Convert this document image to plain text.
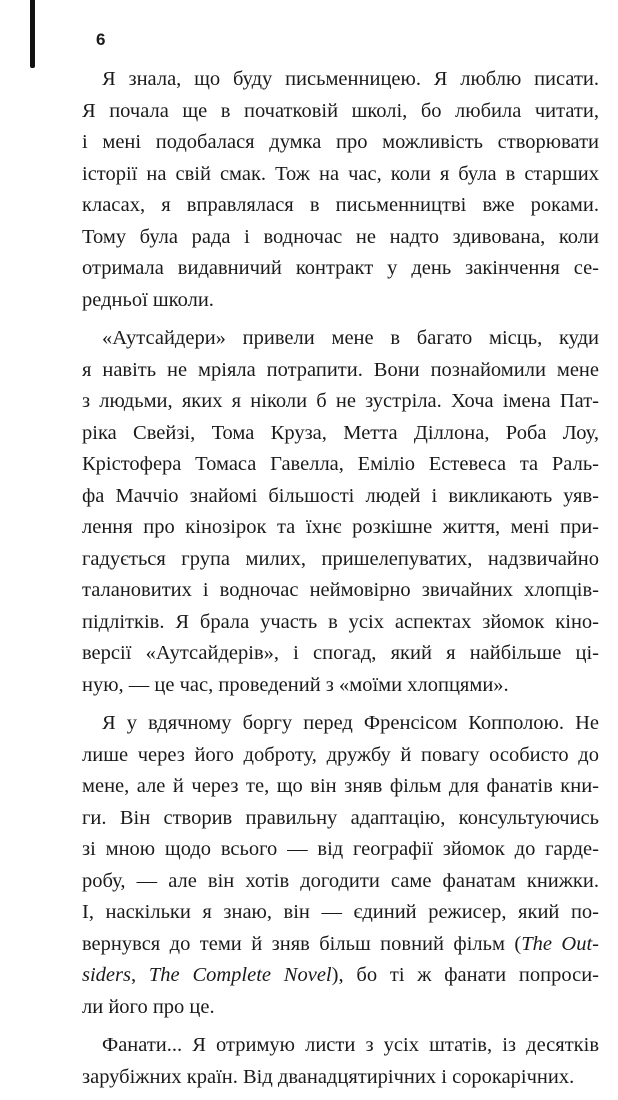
6

Я знала, що буду письменницею. Я люблю писати.
Я почала ще в початковій школі, бо любила читати,
і мені подобалася думка про можливість створювати
історії на свій смак. Тож на час, коли я була в старших
класах, я вправлялася в письменництві вже роками.
Тому була рада і водночас не надто здивована, коли
отримала видавничий контракт у день закінчення се-
редньої школи.

«Аутсайдери» привели мене в багато місць, куди
я навіть не мріяла потрапити. Вони познайомили мене
з людьми, яких я ніколи б не зустріла. Хоча імена Пат-
ріка Свейзі, Тома Круза, Метта Діллона, Роба Лоу,
Крістофера Томаса Гавелла, Еміліо Естевеса та Раль-
фа Маччіо знайомі більшості людей і викликають уяв-
лення про кінозірок та їхнє розкішне життя, мені при-
гадується група милих, пришелепуватих, надзвичайно
талановитих і водночас неймовірно звичайних хлопців-
підлітків. Я брала участь в усіх аспектах зйомок кіно-
версії «Аутсайдерів», і спогад, який я найбільше ці-
ную, — це час, проведений з «моїми хлопцями».

Я у вдячному боргу перед Френсісом Копполою. Не
лише через його доброту, дружбу й повагу особисто до
мене, але й через те, що він зняв фільм для фанатів кни-
ги. Він створив правильну адаптацію, консультуючись
зі мною щодо всього — від географії зйомок до гарде-
робу, — але він хотів догодити саме фанатам книжки.
І, наскільки я знаю, він — єдиний режисер, який по-
вернувся до теми й зняв більш повний фільм (The Out-
siders, The Complete Novel), бо ті ж фанати попроси-
ли його про це.

Фанати... Я отримую листи з усіх штатів, із десятків
зарубіжних країн. Від дванадцятирічних і сорокарічних.
